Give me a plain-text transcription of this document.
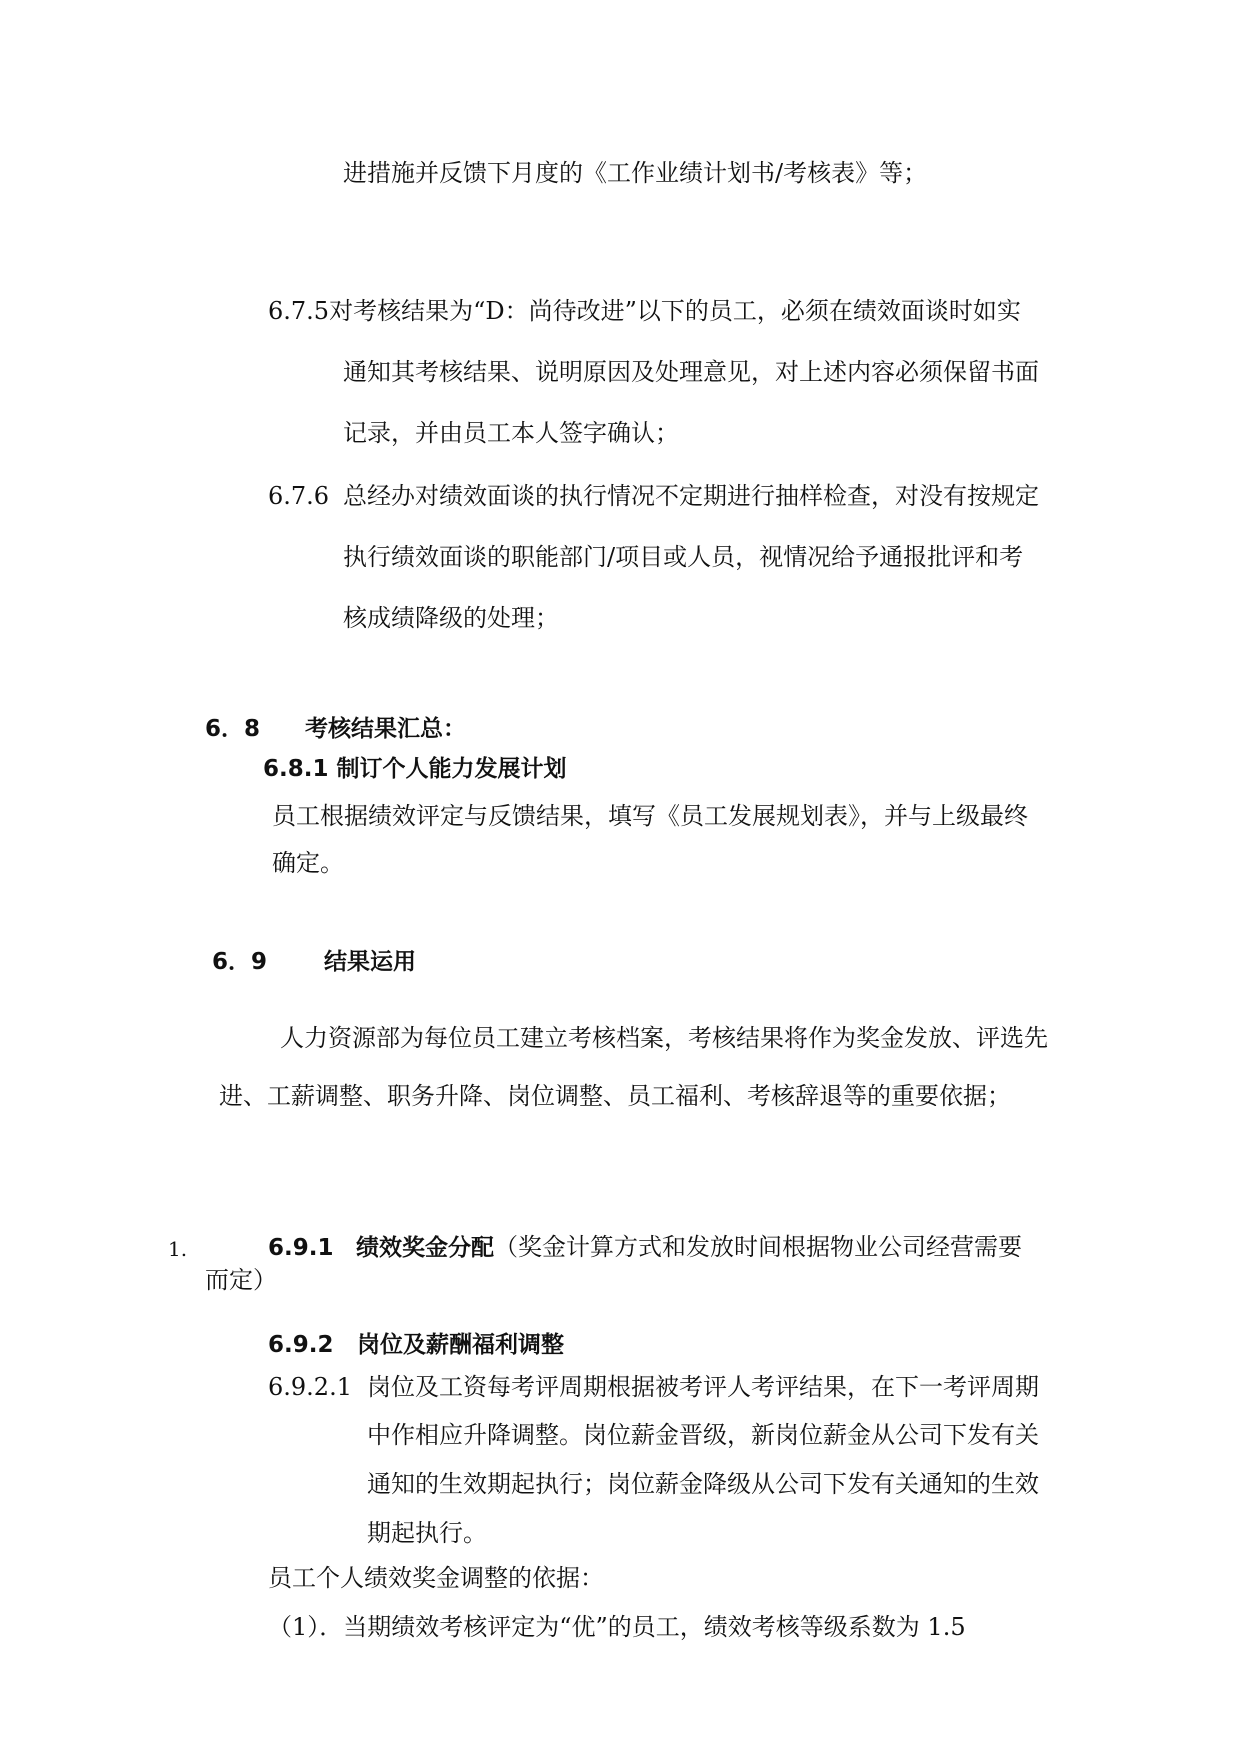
进措施并反馈下月度的《工作业绩计划书/考核表》等；
6.7.5对考核结果为“D：尚待改进”以下的员工，必须在绩效面谈时如实
通知其考核结果、说明原因及处理意见，对上述内容必须保留书面
记录，并由员工本人签字确认；
6.7.6 总经办对绩效面谈的执行情况不定期进行抽样检查，对没有按规定
执行绩效面谈的职能部门/项目或人员，视情况给予通报批评和考
核成绩降级的处理；
6．8 考核结果汇总：
6.8.1 制订个人能力发展计划
员工根据绩效评定与反馈结果，填写《员工发展规划表》，并与上级最终
确定。
6．9 结果运用
人力资源部为每位员工建立考核档案，考核结果将作为奖金发放、评选先
进、工薪调整、职务升降、岗位调整、员工福利、考核辞退等的重要依据；
1.	6.9.1 绩效奖金分配（奖金计算方式和发放时间根据物业公司经营需要
而定）
6.9.2 岗位及薪酬福利调整
6.9.2.1 岗位及工资每考评周期根据被考评人考评结果，在下一考评周期
中作相应升降调整。岗位薪金晋级，新岗位薪金从公司下发有关
通知的生效期起执行；岗位薪金降级从公司下发有关通知的生效
期起执行。
员工个人绩效奖金调整的依据：
（1）．当期绩效考核评定为“优”的员工，绩效考核等级系数为 1.5
